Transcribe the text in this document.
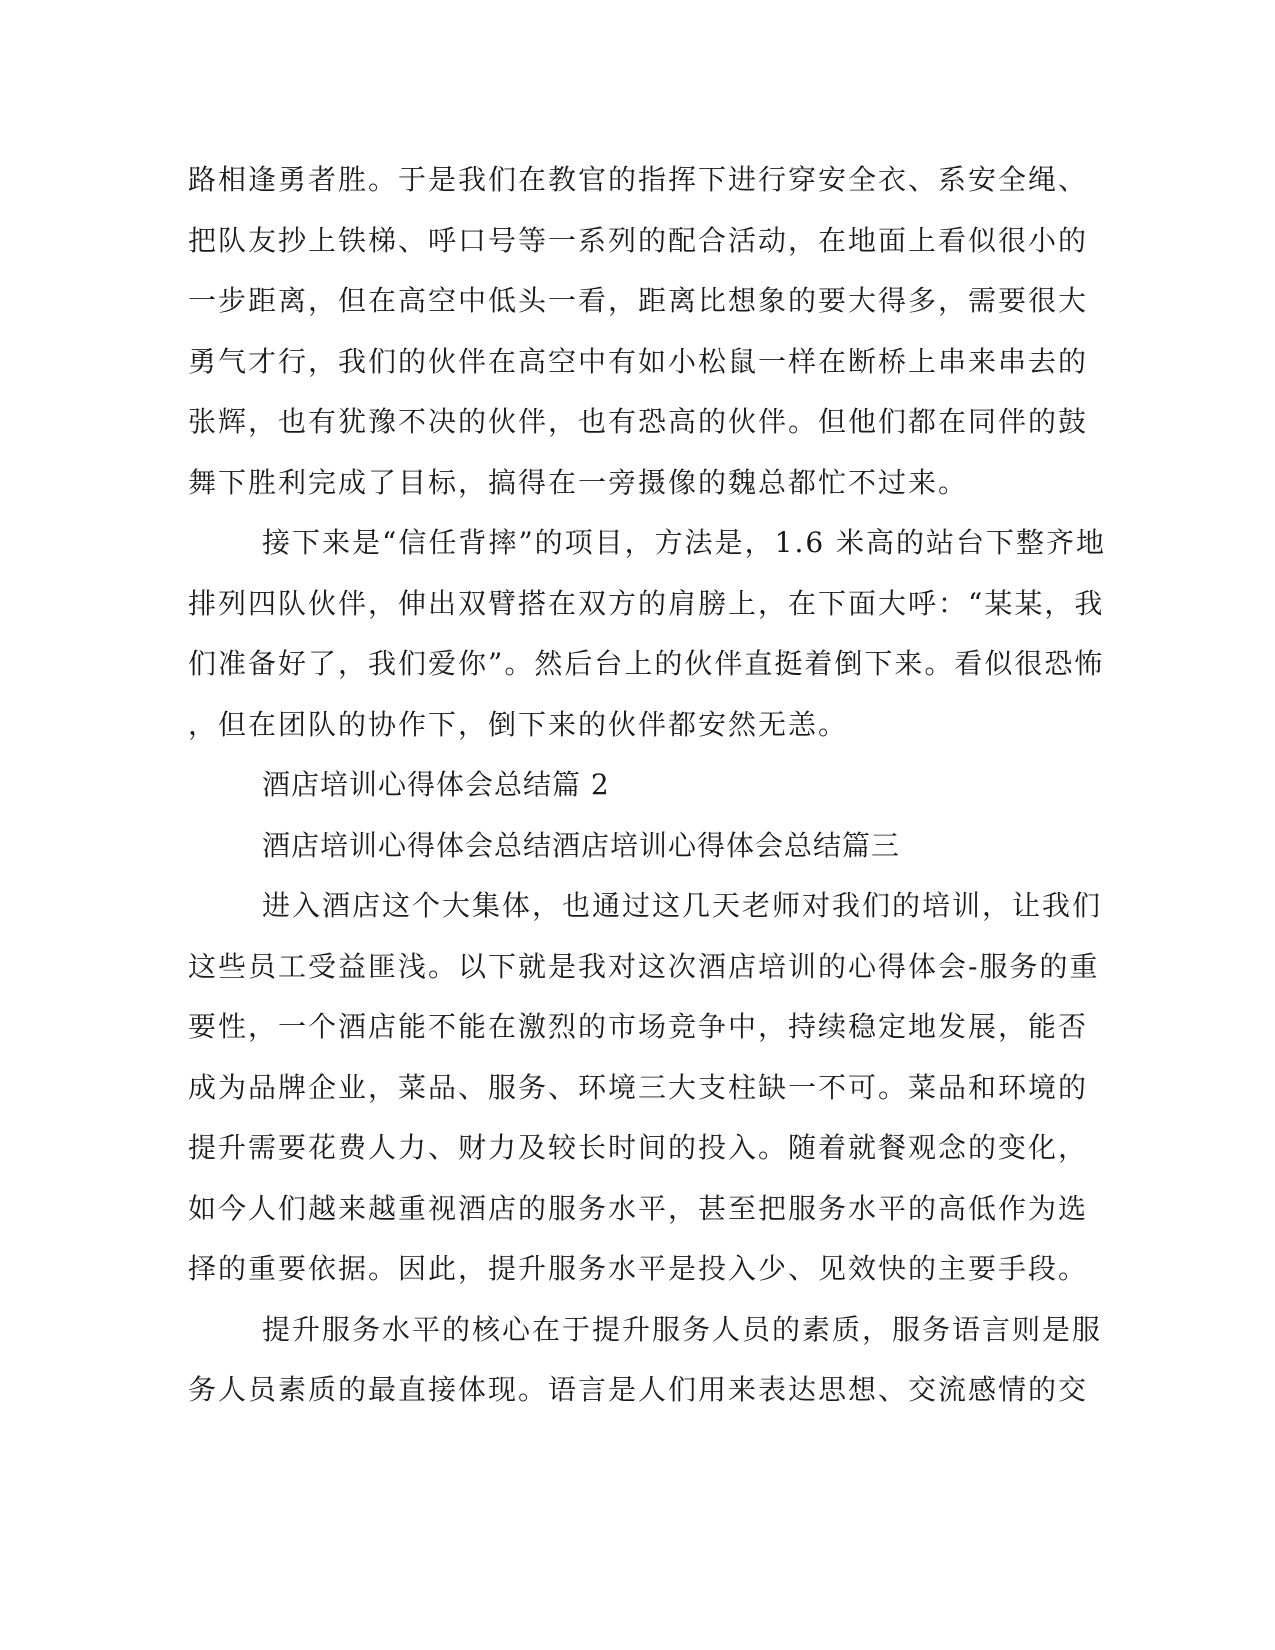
路相逢勇者胜。于是我们在教官的指挥下进行穿安全衣、系安全绳、
把队友抄上铁梯、呼口号等一系列的配合活动，在地面上看似很小的
一步距离，但在高空中低头一看，距离比想象的要大得多，需要很大
勇气才行，我们的伙伴在高空中有如小松鼠一样在断桥上串来串去的
张辉，也有犹豫不决的伙伴，也有恐高的伙伴。但他们都在同伴的鼓
舞下胜利完成了目标，搞得在一旁摄像的魏总都忙不过来。
接下来是“信任背摔”的项目，方法是，1.6 米高的站台下整齐地
排列四队伙伴，伸出双臂搭在双方的肩膀上，在下面大呼：“某某，我
们准备好了，我们爱你”。然后台上的伙伴直挺着倒下来。看似很恐怖
，但在团队的协作下，倒下来的伙伴都安然无恙。
酒店培训心得体会总结篇 2
酒店培训心得体会总结酒店培训心得体会总结篇三
进入酒店这个大集体，也通过这几天老师对我们的培训，让我们
这些员工受益匪浅。以下就是我对这次酒店培训的心得体会-服务的重
要性，一个酒店能不能在激烈的市场竞争中，持续稳定地发展，能否
成为品牌企业，菜品、服务、环境三大支柱缺一不可。菜品和环境的
提升需要花费人力、财力及较长时间的投入。随着就餐观念的变化，
如今人们越来越重视酒店的服务水平，甚至把服务水平的高低作为选
择的重要依据。因此，提升服务水平是投入少、见效快的主要手段。
提升服务水平的核心在于提升服务人员的素质，服务语言则是服
务人员素质的最直接体现。语言是人们用来表达思想、交流感情的交
